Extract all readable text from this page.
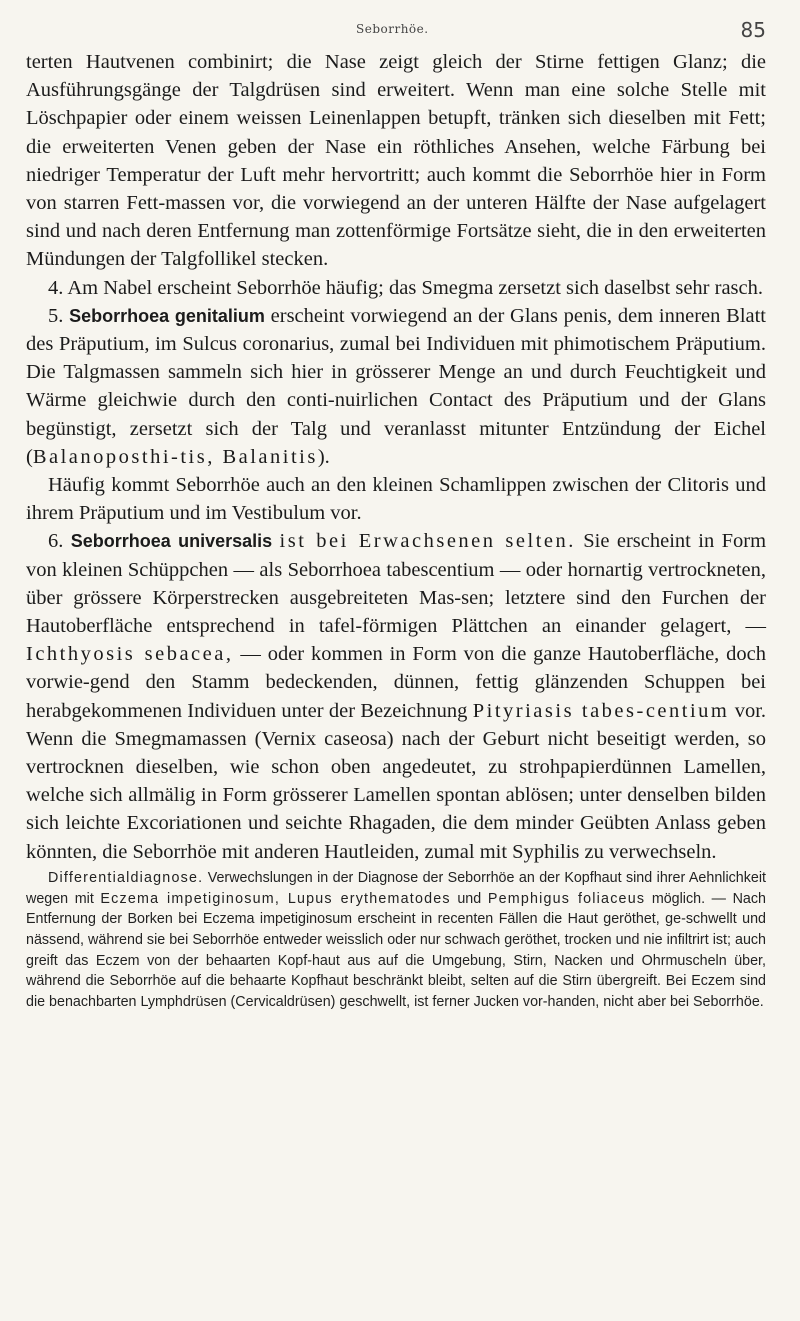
Seborrhöe.	85

terten Hautvenen combinirt; die Nase zeigt gleich der Stirne fettigen Glanz; die Ausführungsgänge der Talgdrüsen sind erweitert. Wenn man eine solche Stelle mit Löschpapier oder einem weissen Leinenlappen betupft, tränken sich dieselben mit Fett; die erweiterten Venen geben der Nase ein röthliches Ansehen, welche Färbung bei niedriger Temperatur der Luft mehr hervortritt; auch kommt die Seborrhöe hier in Form von starren Fett-massen vor, die vorwiegend an der unteren Hälfte der Nase aufgelagert sind und nach deren Entfernung man zottenförmige Fortsätze sieht, die in den erweiterten Mündungen der Talgfollikel stecken.

4. Am Nabel erscheint Seborrhöe häufig; das Smegma zersetzt sich daselbst sehr rasch.

5. Seborrhoea genitalium erscheint vorwiegend an der Glans penis, dem inneren Blatt des Präputium, im Sulcus coronarius, zumal bei Individuen mit phimotischem Präputium. Die Talgmassen sammeln sich hier in grösserer Menge an und durch Feuchtigkeit und Wärme gleichwie durch den conti-nuirlichen Contact des Präputium und der Glans begünstigt, zersetzt sich der Talg und veranlasst mitunter Entzündung der Eichel (Balanoposthi-tis, Balanitis).

Häufig kommt Seborrhöe auch an den kleinen Schamlippen zwischen der Clitoris und ihrem Präputium und im Vestibulum vor.

6. Seborrhoea universalis ist bei Erwachsenen selten. Sie erscheint in Form von kleinen Schüppchen — als Seborrhoea tabescentium — oder hornartig vertrockneten, über grössere Körperstrecken ausgebreiteten Mas-sen; letztere sind den Furchen der Hautoberfläche entsprechend in tafel-förmigen Plättchen an einander gelagert, — Ichthyosis sebacea, — oder kommen in Form von die ganze Hautoberfläche, doch vorwie-gend den Stamm bedeckenden, dünnen, fettig glänzenden Schuppen bei herabgekommenen Individuen unter der Bezeichnung Pityriasis tabes-centium vor. Wenn die Smegmamassen (Vernix caseosa) nach der Geburt nicht beseitigt werden, so vertrocknen dieselben, wie schon oben angedeutet, zu strohpapierdünnen Lamellen, welche sich allmälig in Form grösserer Lamellen spontan ablösen; unter denselben bilden sich leichte Excoriationen und seichte Rhagaden, die dem minder Geübten Anlass geben könnten, die Seborrhöe mit anderen Hautleiden, zumal mit Syphilis zu verwechseln.

Differentialdiagnose. Verwechslungen in der Diagnose der Seborrhöe an der Kopfhaut sind ihrer Aehnlichkeit wegen mit Eczema impetiginosum, Lupus erythematodes und Pemphigus foliaceus möglich. — Nach Entfernung der Borken bei Eczema impetiginosum erscheint in recenten Fällen die Haut geröthet, ge-schwellt und nässend, während sie bei Seborrhöe entweder weisslich oder nur schwach geröthet, trocken und nie infiltrirt ist; auch greift das Eczem von der behaarten Kopf-haut aus auf die Umgebung, Stirn, Nacken und Ohrmuscheln über, während die Seborrhöe auf die behaarte Kopfhaut beschränkt bleibt, selten auf die Stirn übergreift. Bei Eczem sind die benachbarten Lymphdrüsen (Cervicaldrüsen) geschwellt, ist ferner Jucken vor-handen, nicht aber bei Seborrhöe.
